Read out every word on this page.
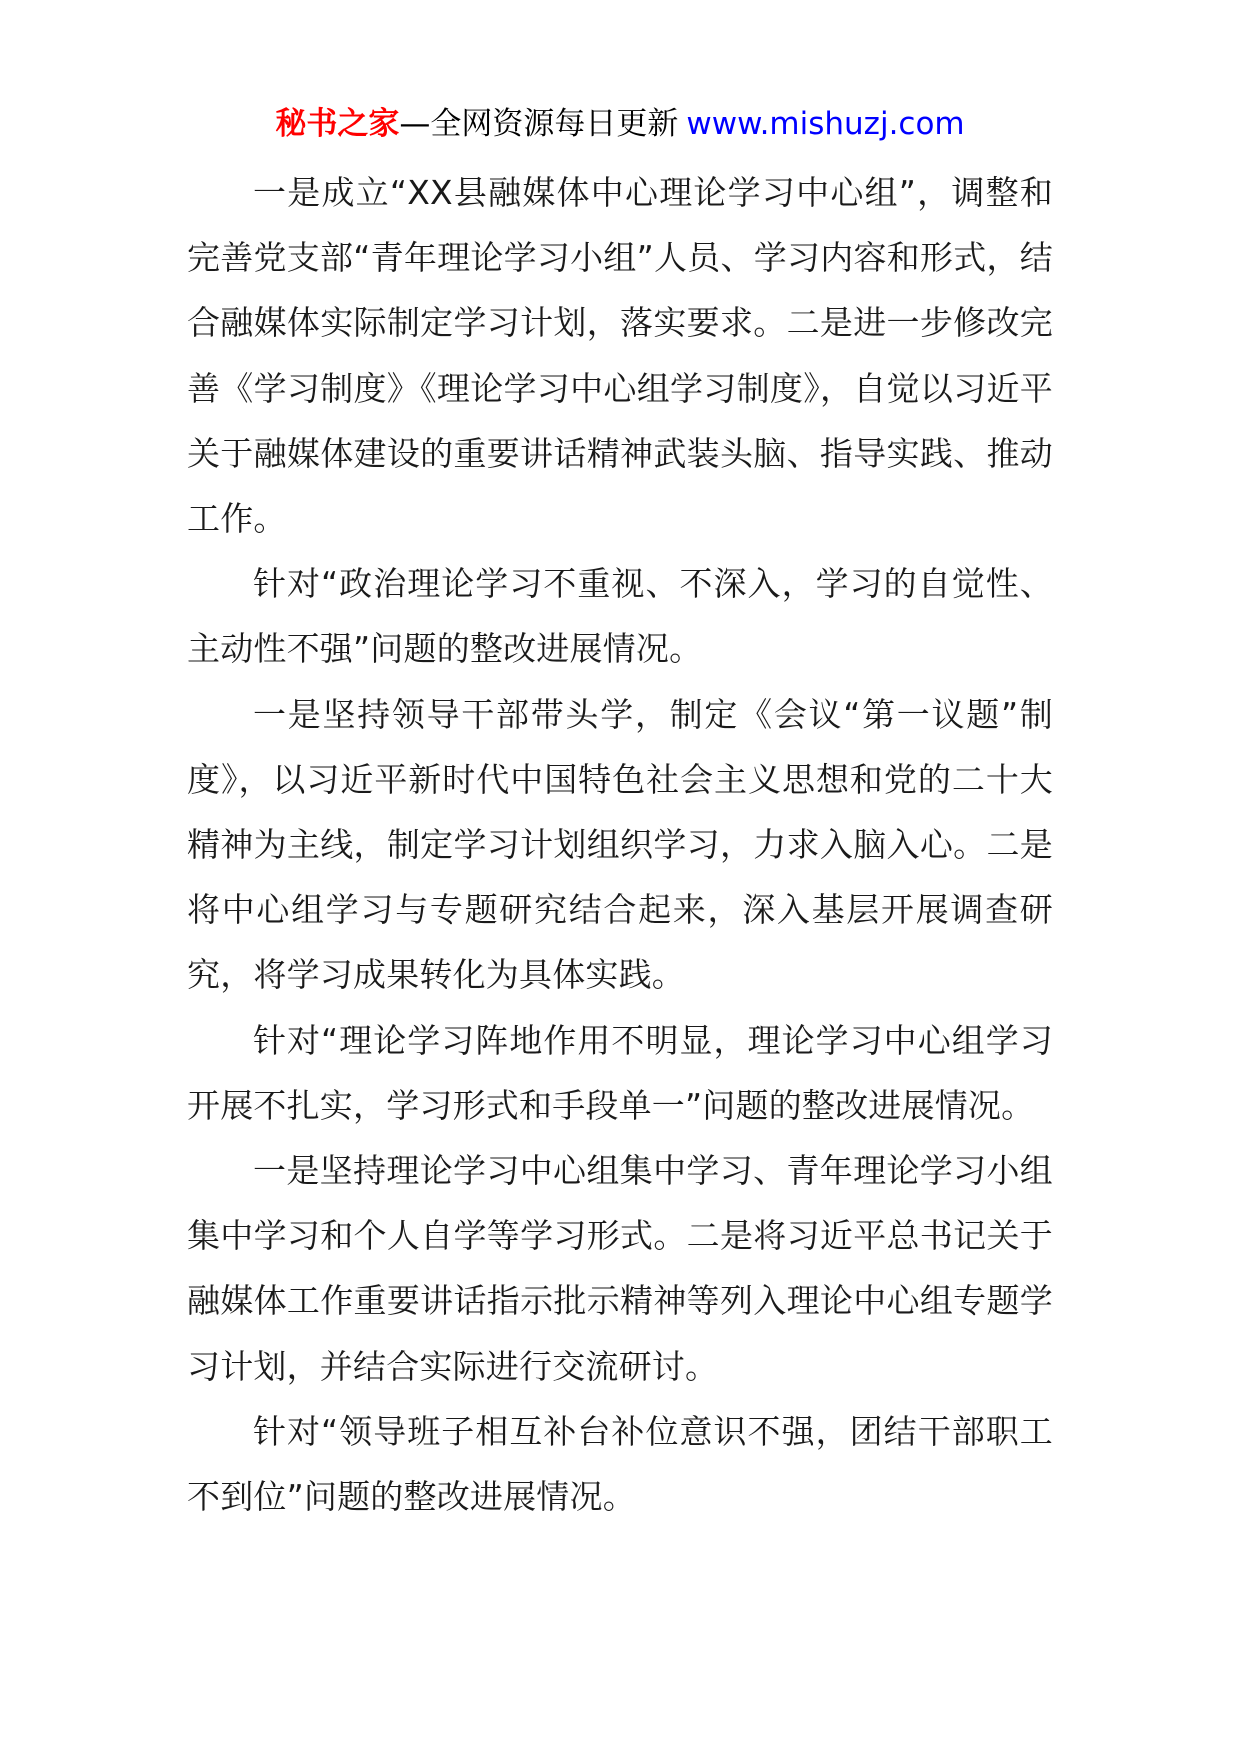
秘书之家—全网资源每日更新 www.mishuzj.com

一是成立“XX县融媒体中心理论学习中心组”，调整和完善党支部“青年理论学习小组”人员、学习内容和形式，结合融媒体实际制定学习计划，落实要求。二是进一步修改完善《学习制度》《理论学习中心组学习制度》，自觉以习近平关于融媒体建设的重要讲话精神武装头脑、指导实践、推动工作。

针对“政治理论学习不重视、不深入，学习的自觉性、主动性不强”问题的整改进展情况。

一是坚持领导干部带头学，制定《会议“第一议题”制度》，以习近平新时代中国特色社会主义思想和党的二十大精神为主线，制定学习计划组织学习，力求入脑入心。二是将中心组学习与专题研究结合起来，深入基层开展调查研究，将学习成果转化为具体实践。

针对“理论学习阵地作用不明显，理论学习中心组学习开展不扎实，学习形式和手段单一”问题的整改进展情况。

一是坚持理论学习中心组集中学习、青年理论学习小组集中学习和个人自学等学习形式。二是将习近平总书记关于融媒体工作重要讲话指示批示精神等列入理论中心组专题学习计划，并结合实际进行交流研讨。

针对“领导班子相互补台补位意识不强，团结干部职工不到位”问题的整改进展情况。
